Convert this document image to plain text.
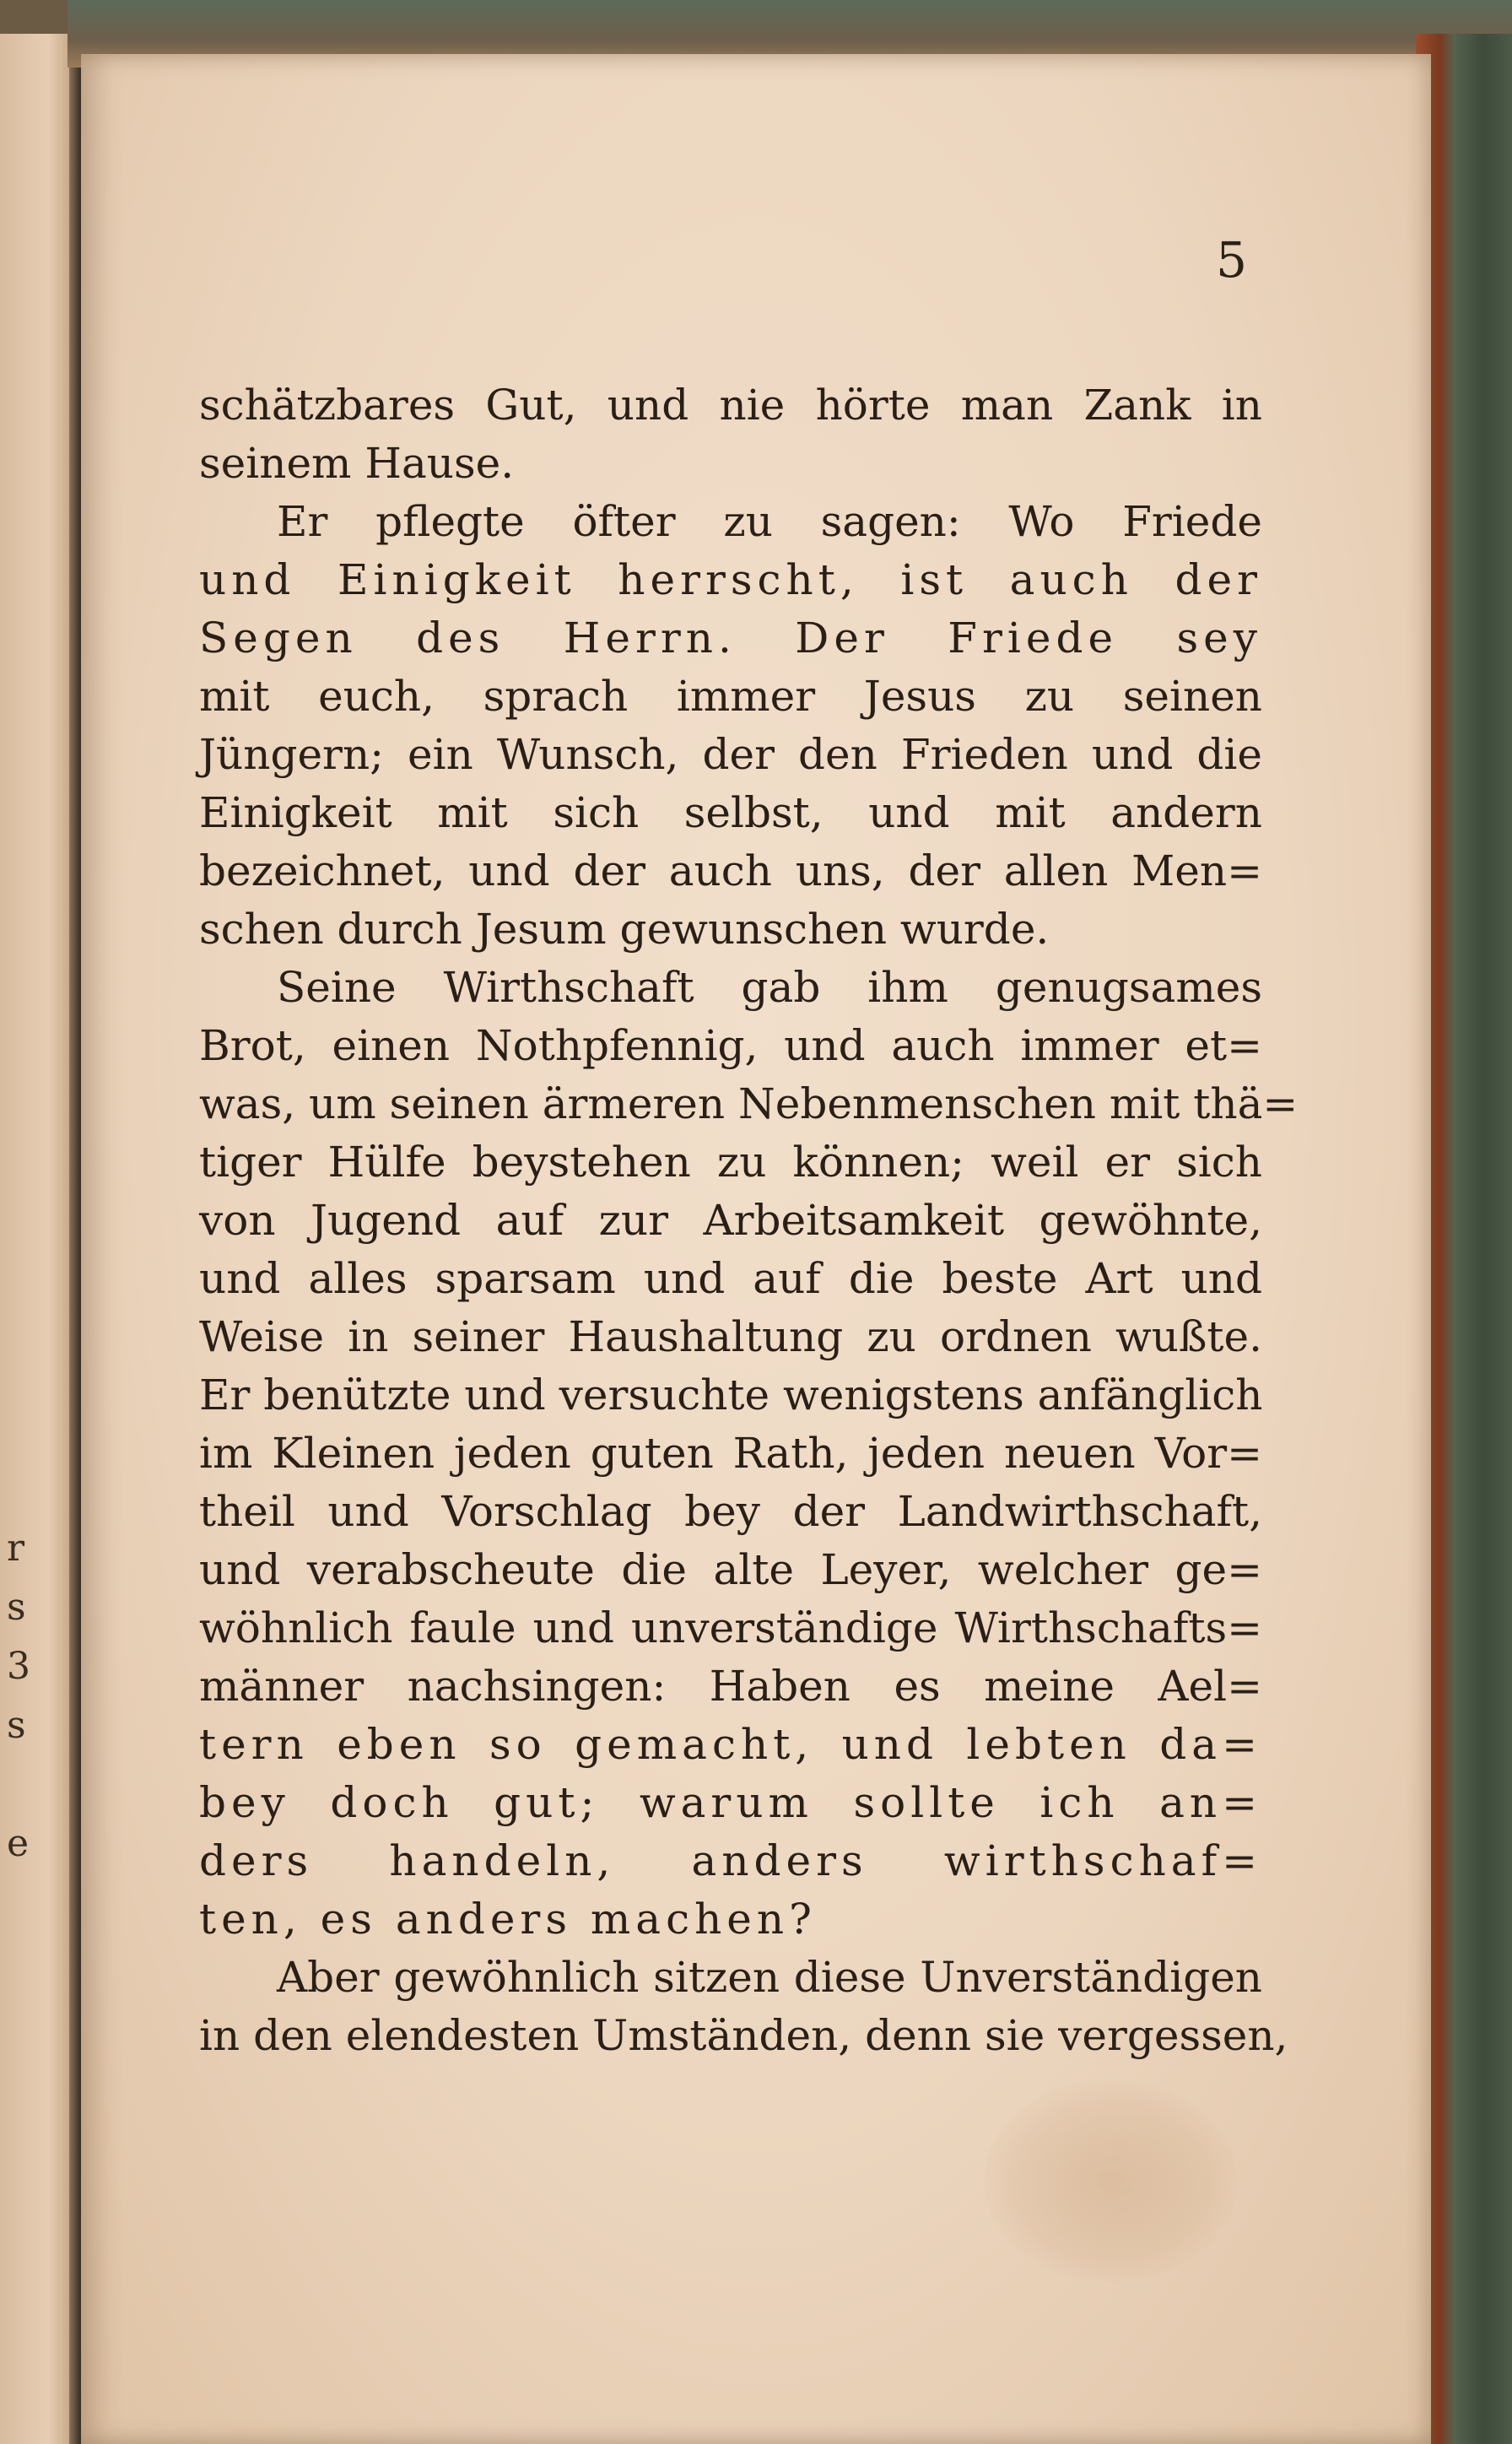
r
s
3
s

e
5
schätzbares Gut, und nie hörte man Zank in
seinem Hause.
Er pflegte öfter zu sagen: Wo Friede
und Einigkeit herrscht, ist auch der
Segen des Herrn. Der Friede sey
mit euch, sprach immer Jesus zu seinen
Jüngern; ein Wunsch, der den Frieden und die
Einigkeit mit sich selbst, und mit andern
bezeichnet, und der auch uns, der allen Men=
schen durch Jesum gewunschen wurde.
Seine Wirthschaft gab ihm genugsames
Brot, einen Nothpfennig, und auch immer et=
was, um seinen ärmeren Nebenmenschen mit thä=
tiger Hülfe beystehen zu können; weil er sich
von Jugend auf zur Arbeitsamkeit gewöhnte,
und alles sparsam und auf die beste Art und
Weise in seiner Haushaltung zu ordnen wußte.
Er benützte und versuchte wenigstens anfänglich
im Kleinen jeden guten Rath, jeden neuen Vor=
theil und Vorschlag bey der Landwirthschaft,
und verabscheute die alte Leyer, welcher ge=
wöhnlich faule und unverständige Wirthschafts=
männer nachsingen: Haben es meine Ael=
tern eben so gemacht, und lebten da=
bey doch gut; warum sollte ich an=
ders handeln, anders wirthschaf=
ten, es anders machen?
Aber gewöhnlich sitzen diese Unverständigen
in den elendesten Umständen, denn sie vergessen,
